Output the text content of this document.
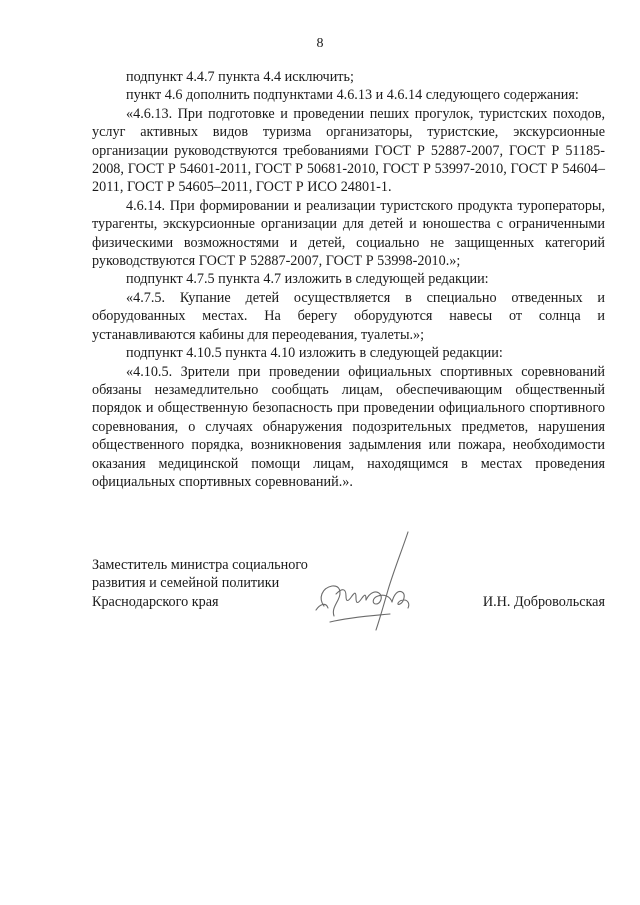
8

подпункт 4.4.7 пункта 4.4 исключить;

пункт 4.6 дополнить подпунктами 4.6.13 и 4.6.14 следующего содержания:

«4.6.13. При подготовке и проведении пеших прогулок, туристских походов, услуг активных видов туризма организаторы, туристские, экскурсионные организации руководствуются требованиями ГОСТ Р 52887-2007, ГОСТ Р 51185-2008, ГОСТ Р 54601-2011, ГОСТ Р 50681-2010, ГОСТ Р 53997-2010, ГОСТ Р 54604–2011, ГОСТ Р 54605–2011, ГОСТ Р ИСО 24801-1.

4.6.14. При формировании и реализации туристского продукта туроператоры, турагенты, экскурсионные организации для детей и юношества с ограниченными физическими возможностями и детей, социально не защищенных категорий руководствуются ГОСТ Р 52887-2007, ГОСТ Р 53998-2010.»;

подпункт 4.7.5 пункта 4.7 изложить в следующей редакции:

«4.7.5. Купание детей осуществляется в специально отведенных и оборудованных местах. На берегу оборудуются навесы от солнца и устанавливаются кабины для переодевания, туалеты.»;

подпункт 4.10.5 пункта 4.10 изложить в следующей редакции:

«4.10.5. Зрители при проведении официальных спортивных соревнований обязаны незамедлительно сообщать лицам, обеспечивающим общественный порядок и общественную безопасность при проведении официального спортивного соревнования, о случаях обнаружения подозрительных предметов, нарушения общественного порядка, возникновения задымления или пожара, необходимости оказания медицинской помощи лицам, находящимся в местах проведения официальных спортивных соревнований.».

Заместитель министра социального

развития и семейной политики

Краснодарского края	И.Н. Добровольская
